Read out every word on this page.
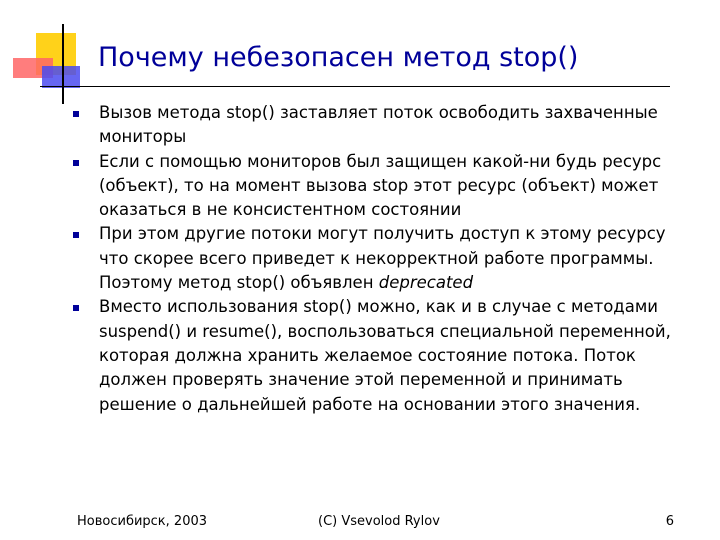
Почему небезопасен метод stop()
Вызов метода stop() заставляет поток освободить захваченные мониторы
Если с помощью мониторов был защищен какой-ни будь ресурс (объект), то на момент вызова stop этот ресурс (объект) может оказаться в не консистентном состоянии
При этом другие потоки могут получить доступ к этому ресурсу что скорее всего приведет к некорректной работе программы. Поэтому метод stop() объявлен deprecated
Вместо использования stop() можно, как и в случае с методами suspend() и resume(), воспользоваться специальной переменной, которая должна хранить желаемое состояние потока. Поток должен проверять значение этой переменной и принимать решение о дальнейшей работе на основании этого значения.
Новосибирск, 2003	(C) Vsevolod Rylov	6
